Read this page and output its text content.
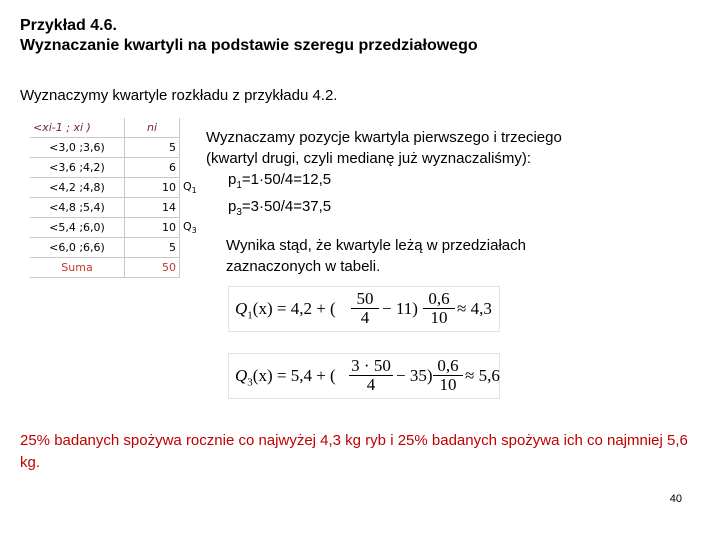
Przykład 4.6.
Wyznaczanie kwartyli na podstawie szeregu przedziałowego
Wyznaczymy kwartyle rozkładu z przykładu 4.2.
<xi-1 ; xi )	ni	
<3,0 ;3,6)	5	
<3,6 ;4,2)	6	
<4,2 ;4,8)	10	$Q_1$
<4,8 ;5,4)	14	
<5,4 ;6,0)	10	$Q_3$
<6,0 ;6,6)	5	
Suma	50	
Wyznaczamy pozycje kwartyla pierwszego i trzeciego
(kwartyl drugi, czyli medianę już wyznaczaliśmy):
$p_1=1\cdot 50/4=12,5$
$p_3=3\cdot 50/4=37,5$
Wynika stąd, że kwartyle leżą w przedziałach
zaznaczonych w tabeli.
$Q_1(x) = 4,2$ + ( $\frac{50}{4} - 11) \frac{0,6}{10} \approx 4,3$
$Q_3(x) = 5,4$ + ( $\frac{3 \cdot 50}{4} - 35) \frac{0,6}{10} \approx 5,6$
25% badanych spożywa rocznie co najwyżej 4,3 kg ryb i 25% badanych spożywa ich co najmniej 5,6 kg.
40
